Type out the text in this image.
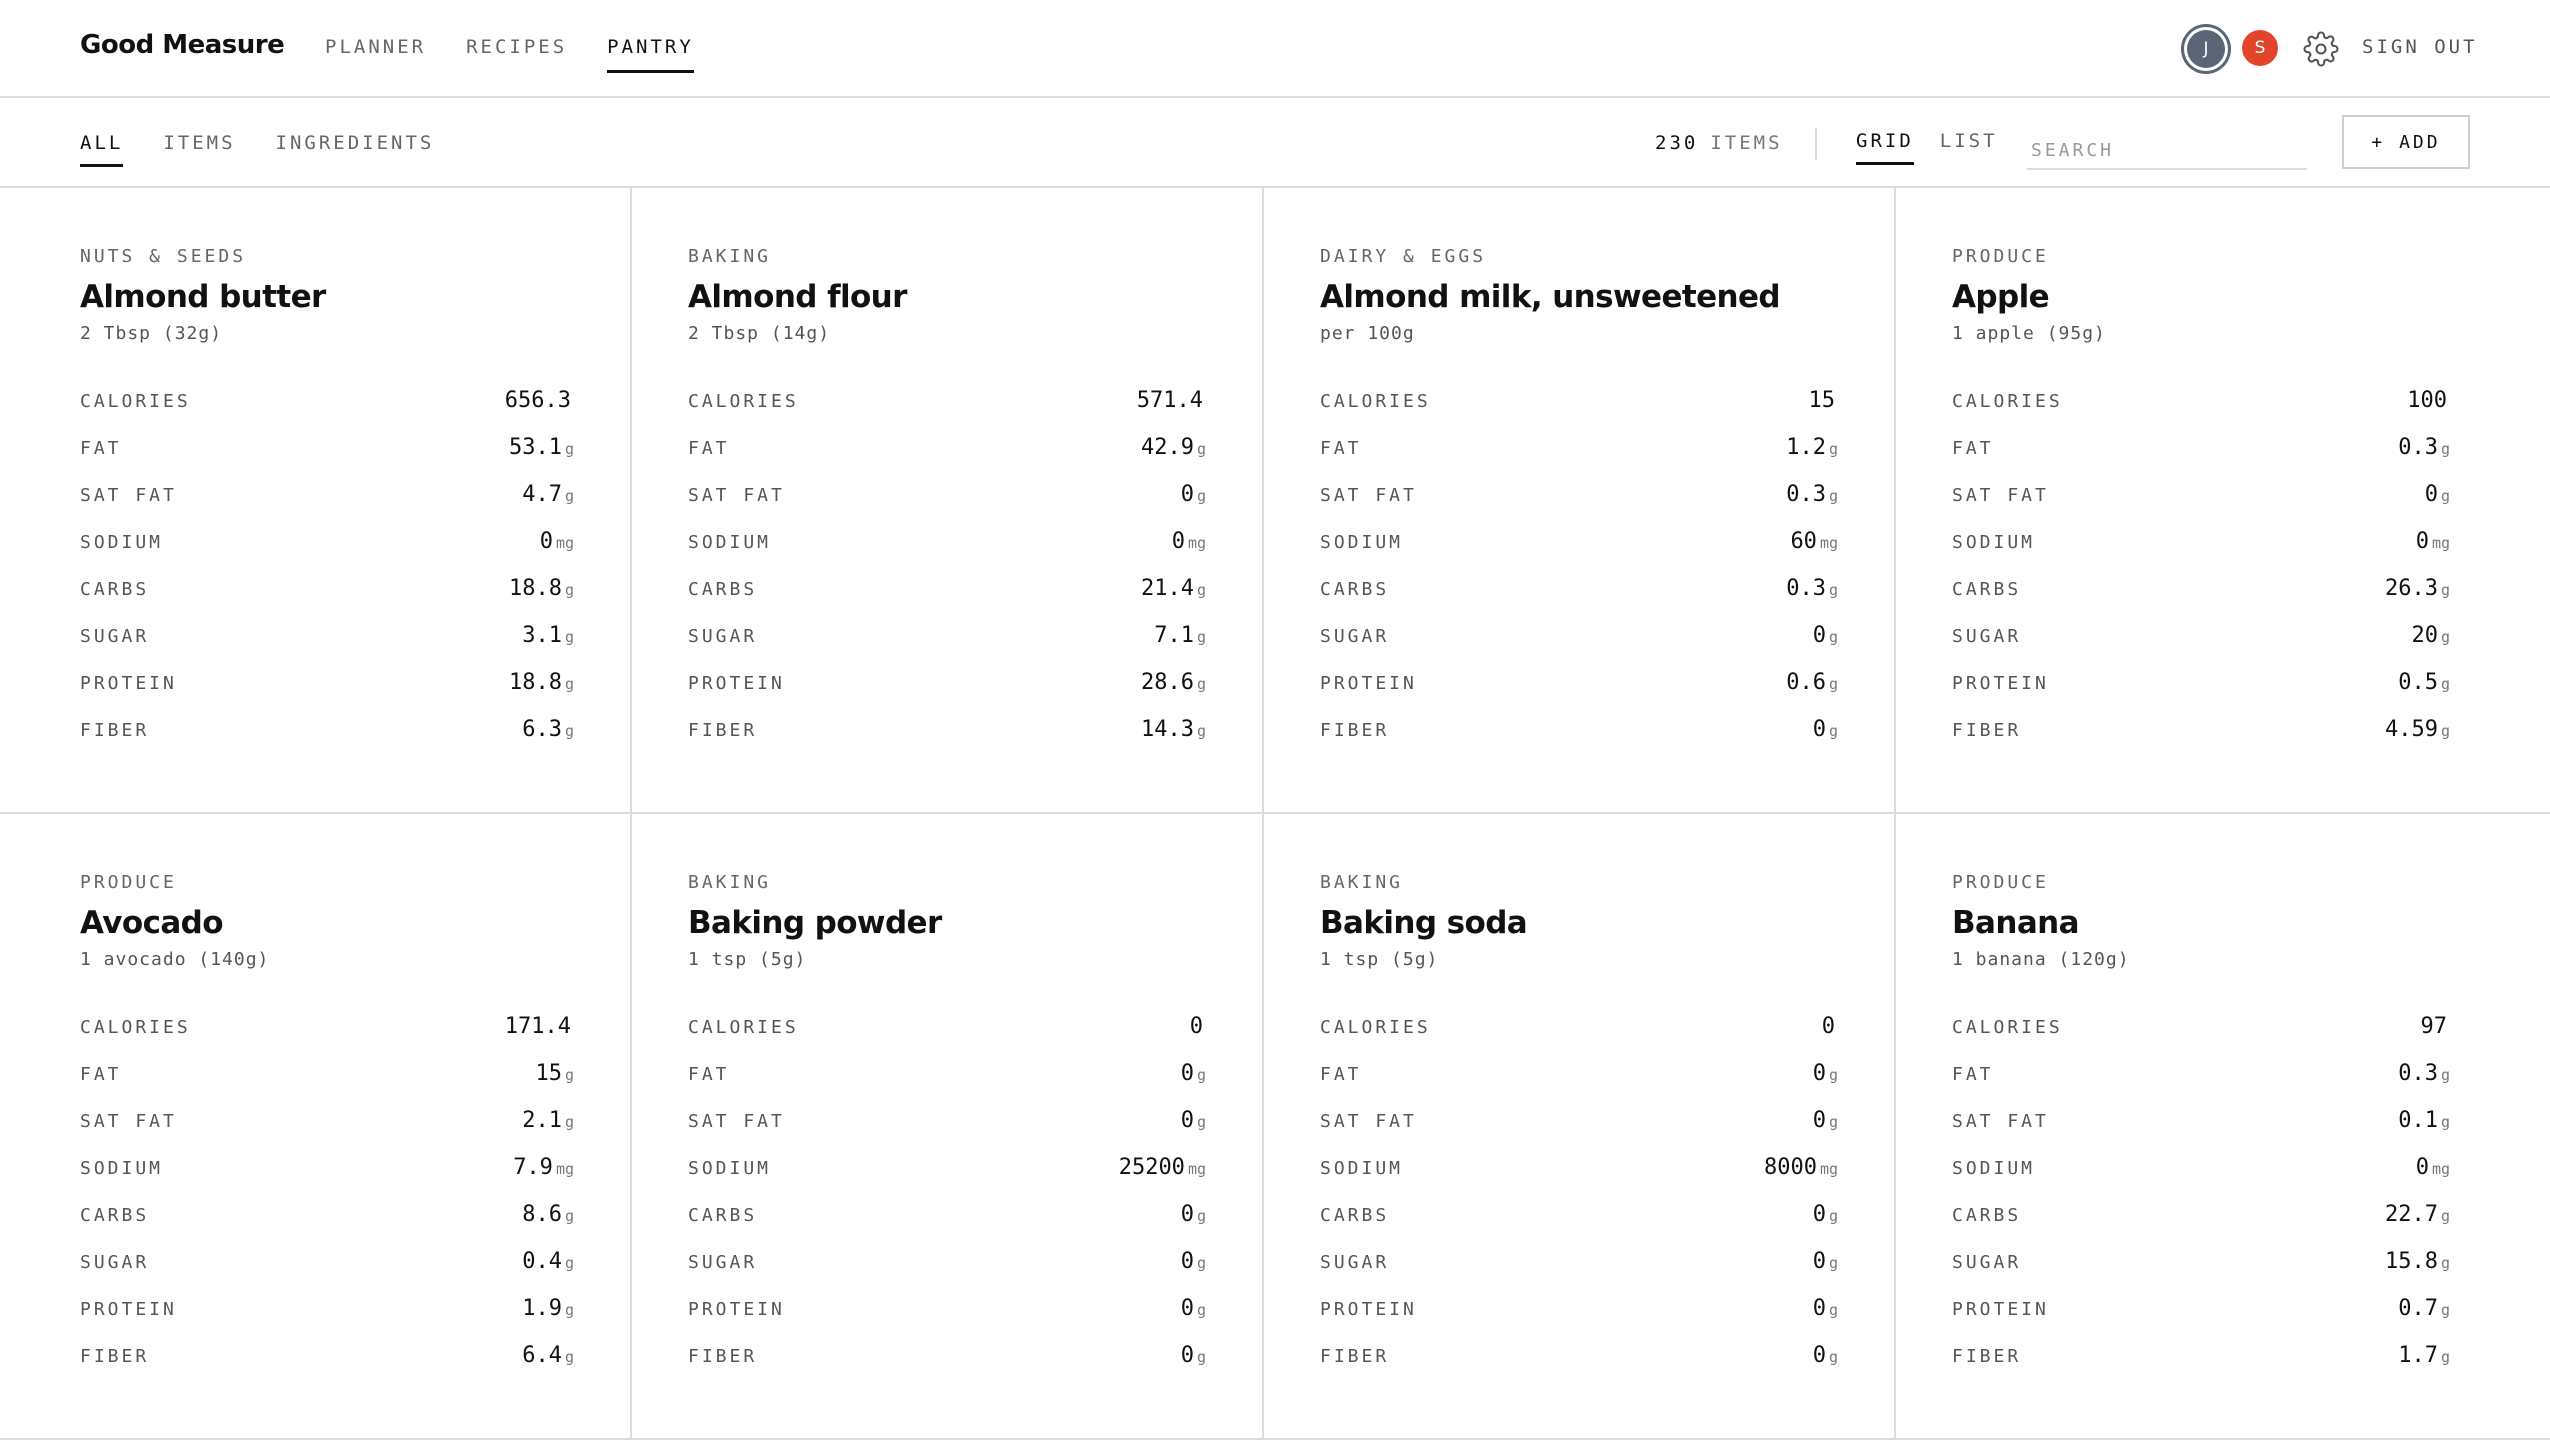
Good Measure PLANNER RECIPES PANTRY	J	S	SIGN OUT
ALL ITEMS INGREDIENTS	230 ITEMS	GRID LIST
SEARCH	+ ADD
NUTS & SEEDS
Almond butter
2 Tbsp (32g)
CALORIES	656.3
FAT	53.1 g
SAT FAT	4.7 g
SODIUM	0 mg
CARBS	18.8 g
SUGAR	3.1 g
PROTEIN	18.8 g
FIBER	6.3 g
BAKING
Almond flour
2 Tbsp (14g)
CALORIES	571.4
FAT	42.9 g
SAT FAT	0 g
SODIUM	0 mg
CARBS	21.4 g
SUGAR	7.1 g
PROTEIN	28.6 g
FIBER	14.3 g
DAIRY & EGGS
Almond milk, unsweetened
per 100g
CALORIES	15
FAT	1.2 g
SAT FAT	0.3 g
SODIUM	60 mg
CARBS	0.3 g
SUGAR	0 g
PROTEIN	0.6 g
FIBER	0 g
PRODUCE
Apple
1 apple (95g)
CALORIES	100
FAT	0.3 g
SAT FAT	0 g
SODIUM	0 mg
CARBS	26.3 g
SUGAR	20 g
PROTEIN	0.5 g
FIBER	4.59 g
PRODUCE
Avocado
1 avocado (140g)
CALORIES	171.4
FAT	15 g
SAT FAT	2.1 g
SODIUM	7.9 mg
CARBS	8.6 g
SUGAR	0.4 g
PROTEIN	1.9 g
FIBER	6.4 g
BAKING
Baking powder
1 tsp (5g)
CALORIES	0
FAT	0 g
SAT FAT	0 g
SODIUM	25200 mg
CARBS	0 g
SUGAR	0 g
PROTEIN	0 g
FIBER	0 g
BAKING
Baking soda
1 tsp (5g)
CALORIES	0
FAT	0 g
SAT FAT	0 g
SODIUM	8000 mg
CARBS	0 g
SUGAR	0 g
PROTEIN	0 g
FIBER	0 g
PRODUCE
Banana
1 banana (120g)
CALORIES	97
FAT	0.3 g
SAT FAT	0.1 g
SODIUM	0 mg
CARBS	22.7 g
SUGAR	15.8 g
PROTEIN	0.7 g
FIBER	1.7 g
